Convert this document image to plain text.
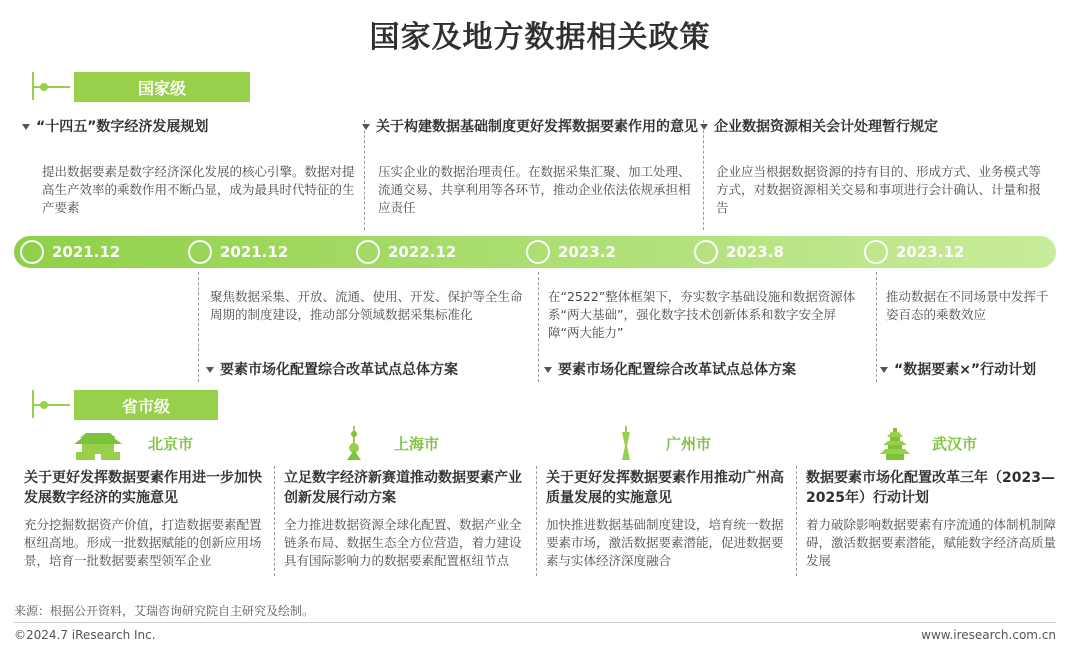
国家及地方数据相关政策
国家级
“十四五”数字经济发展规划
提出数据要素是数字经济深化发展的核心引擎。数据对提高生产效率的乘数作用不断凸显，成为最具时代特征的生产要素
关于构建数据基础制度更好发挥数据要素作用的意见
压实企业的数据治理责任。在数据采集汇聚、加工处理、流通交易、共享利用等各环节，推动企业依法依规承担相应责任
企业数据资源相关会计处理暂行规定
企业应当根据数据资源的持有目的、形成方式、业务模式等方式，对数据资源相关交易和事项进行会计确认、计量和报告
2021.12	2021.12	2022.12	2023.2	2023.8	2023.12
聚焦数据采集、开放、流通、使用、开发、保护等全生命周期的制度建设，推动部分领域数据采集标准化
要素市场化配置综合改革试点总体方案
在“2522”整体框架下，夯实数字基础设施和数据资源体系“两大基础”，强化数字技术创新体系和数字安全屏障“两大能力”
要素市场化配置综合改革试点总体方案
推动数据在不同场景中发挥千姿百态的乘数效应
“数据要素×”行动计划
省市级
北京市	上海市	广州市	武汉市
关于更好发挥数据要素作用进一步加快发展数字经济的实施意见
充分挖掘数据资产价值，打造数据要素配置枢纽高地。形成一批数据赋能的创新应用场景，培育一批数据要素型领军企业
立足数字经济新赛道推动数据要素产业创新发展行动方案
全力推进数据资源全球化配置、数据产业全链条布局、数据生态全方位营造，着力建设具有国际影响力的数据要素配置枢纽节点
关于更好发挥数据要素作用推动广州高质量发展的实施意见
加快推进数据基础制度建设，培育统一数据要素市场，激活数据要素潜能，促进数据要素与实体经济深度融合
数据要素市场化配置改革三年（2023—2025年）行动计划
着力破除影响数据要素有序流通的体制机制障碍，激活数据要素潜能，赋能数字经济高质量发展
来源：根据公开资料，艾瑞咨询研究院自主研究及绘制。
©2024.7 iResearch Inc.	www.iresearch.com.cn
